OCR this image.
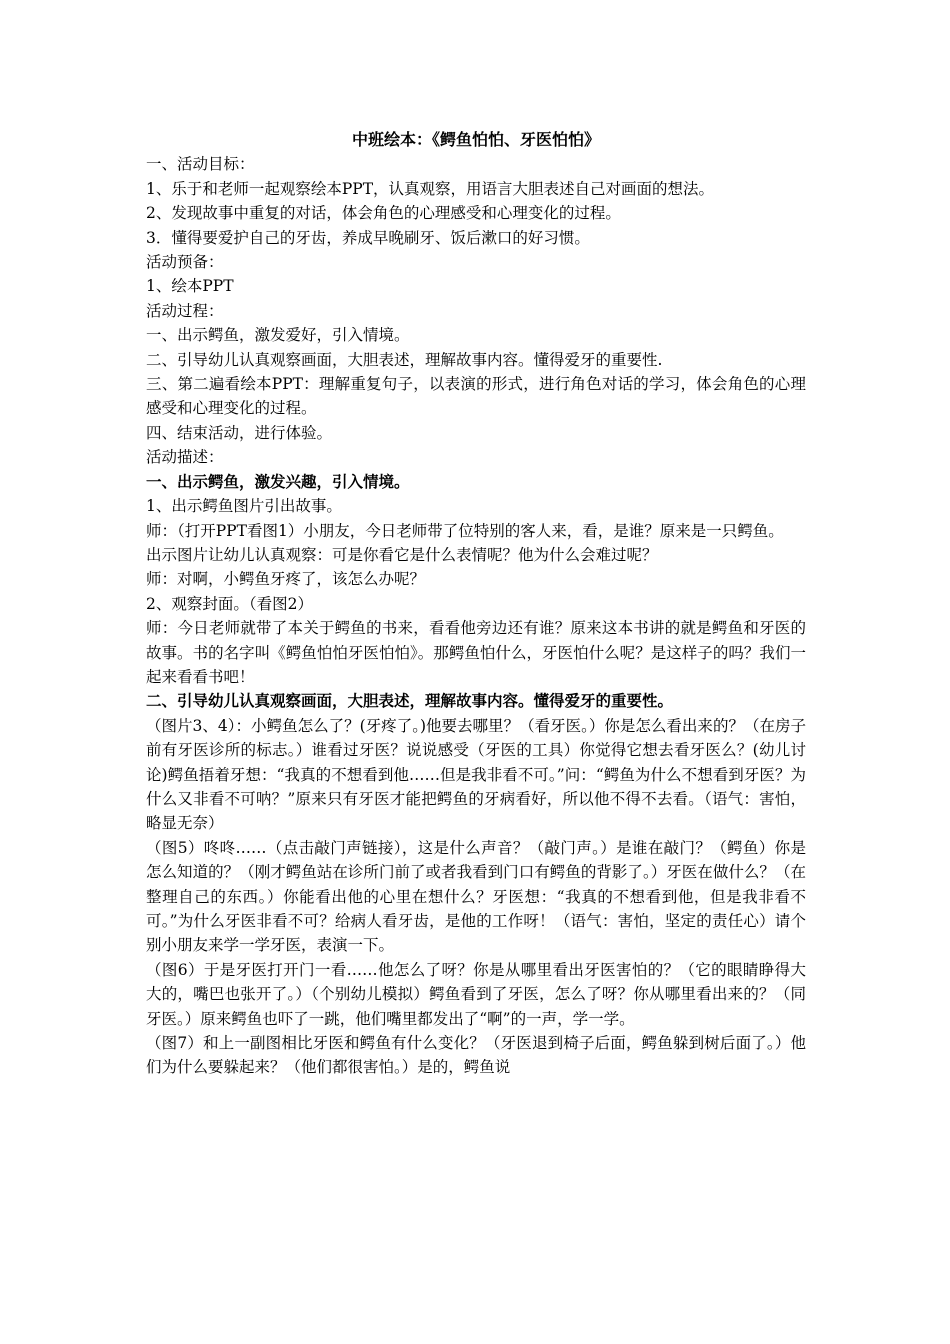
中班绘本：《鳄鱼怕怕、牙医怕怕》

一、活动目标：

1、乐于和老师一起观察绘本PPT，认真观察，用语言大胆表述自己对画面的想法。

2、发现故事中重复的对话，体会角色的心理感受和心理变化的过程。

3．懂得要爱护自己的牙齿，养成早晚刷牙、饭后漱口的好习惯。

活动预备：

1、绘本PPT

活动过程：

一、出示鳄鱼，激发爱好，引入情境。

二、引导幼儿认真观察画面，大胆表述，理解故事内容。懂得爱牙的重要性.

三、第二遍看绘本PPT：理解重复句子，以表演的形式，进行角色对话的学习，体会角色的心理感受和心理变化的过程。

四、结束活动，进行体验。

活动描述：

一、出示鳄鱼，激发兴趣，引入情境。

1、出示鳄鱼图片引出故事。

师：（打开PPT看图1）小朋友，今日老师带了位特别的客人来，看，是谁？原来是一只鳄鱼。

出示图片让幼儿认真观察：可是你看它是什么表情呢？他为什么会难过呢？

师：对啊，小鳄鱼牙疼了，该怎么办呢？

2、观察封面。（看图2）

师：今日老师就带了本关于鳄鱼的书来，看看他旁边还有谁？原来这本书讲的就是鳄鱼和牙医的故事。书的名字叫《鳄鱼怕怕牙医怕怕》。那鳄鱼怕什么，牙医怕什么呢？是这样子的吗？我们一起来看看书吧！

二、引导幼儿认真观察画面，大胆表述，理解故事内容。懂得爱牙的重要性。

（图片3、4）：小鳄鱼怎么了？(牙疼了。)他要去哪里？（看牙医。）你是怎么看出来的？（在房子前有牙医诊所的标志。）谁看过牙医？说说感受（牙医的工具）你觉得它想去看牙医么？(幼儿讨论)鳄鱼捂着牙想：“我真的不想看到他……但是我非看不可。”问：“鳄鱼为什么不想看到牙医？为什么又非看不可呐？”原来只有牙医才能把鳄鱼的牙病看好，所以他不得不去看。（语气：害怕，略显无奈）

（图5）咚咚……（点击敲门声链接），这是什么声音？（敲门声。）是谁在敲门？（鳄鱼）你是怎么知道的？（刚才鳄鱼站在诊所门前了或者我看到门口有鳄鱼的背影了。）牙医在做什么？（在整理自己的东西。）你能看出他的心里在想什么？牙医想：“我真的不想看到他，但是我非看不可。”为什么牙医非看不可？给病人看牙齿，是他的工作呀！（语气：害怕，坚定的责任心）请个别小朋友来学一学牙医，表演一下。

（图6）于是牙医打开门一看……他怎么了呀？你是从哪里看出牙医害怕的？（它的眼睛睁得大大的，嘴巴也张开了。）（个别幼儿模拟）鳄鱼看到了牙医，怎么了呀？你从哪里看出来的？（同牙医。）原来鳄鱼也吓了一跳，他们嘴里都发出了“啊”的一声，学一学。

（图7）和上一副图相比牙医和鳄鱼有什么变化？（牙医退到椅子后面，鳄鱼躲到树后面了。）他们为什么要躲起来？（他们都很害怕。）是的，鳄鱼说
